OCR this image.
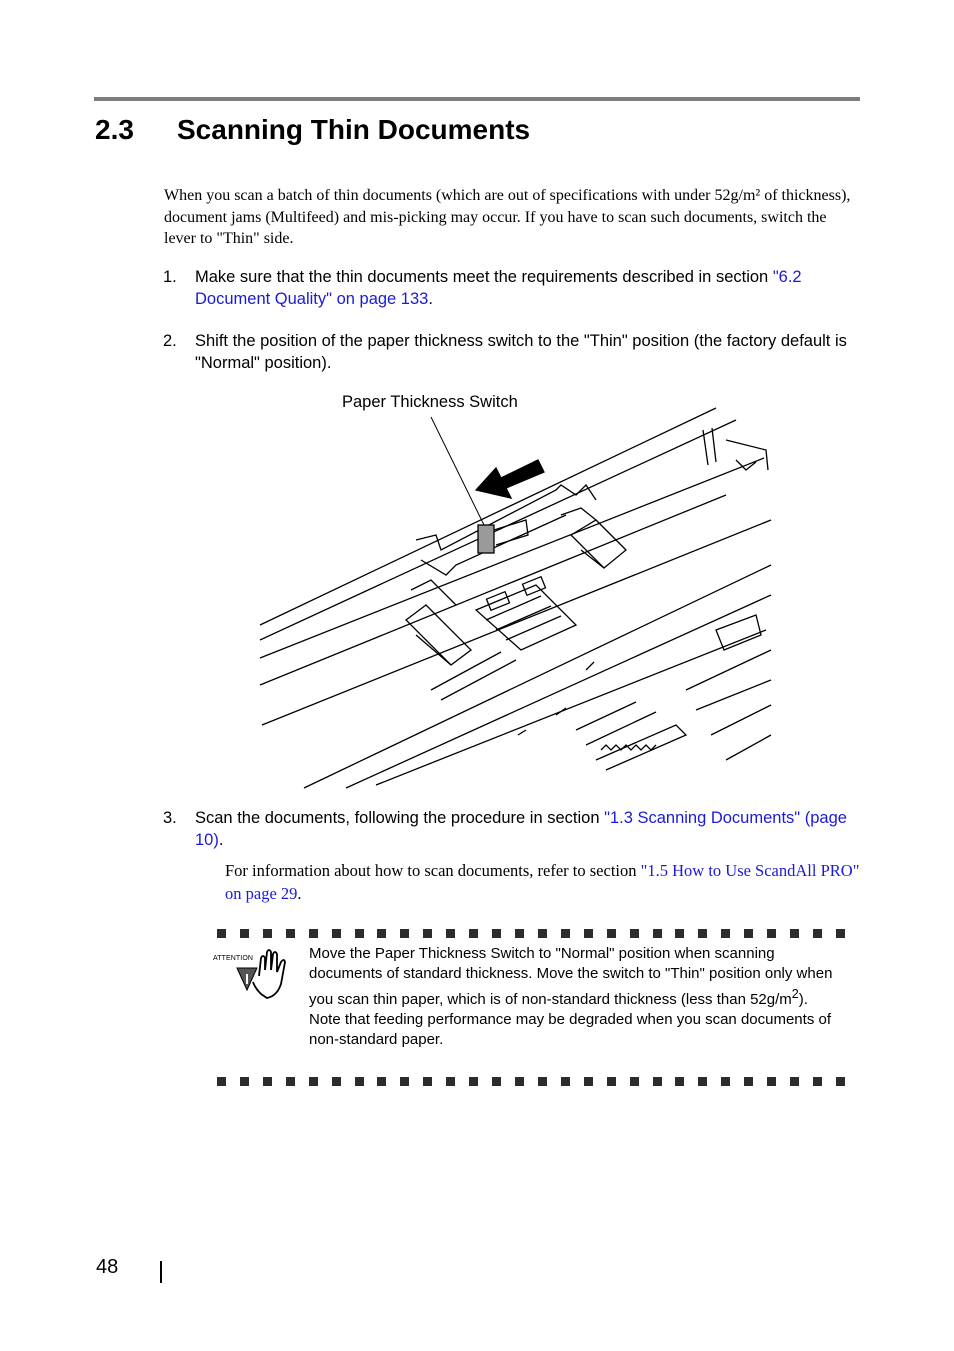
2.3 Scanning Thin Documents

When you scan a batch of thin documents (which are out of specifications with under 52g/m² of thickness), document jams (Multifeed) and mis-picking may occur. If you have to scan such documents, switch the lever to "Thin" side.

1. Make sure that the thin documents meet the requirements described in section "6.2 Document Quality" on page 133.
2. Shift the position of the paper thickness switch to the "Thin" position (the factory default is "Normal" position).
Paper Thickness Switch
3. Scan the documents, following the procedure in section "1.3 Scanning Documents" (page 10).

For information about how to scan documents, refer to section "1.5 How to Use ScandAll PRO" on page 29.

ATTENTION	Move the Paper Thickness Switch to "Normal" position when scanning documents of standard thickness. Move the switch to "Thin" position only when you scan thin paper, which is of non-standard thickness (less than $52g/m^2$).
Note that feeding performance may be degraded when you scan documents of non-standard paper.
48
